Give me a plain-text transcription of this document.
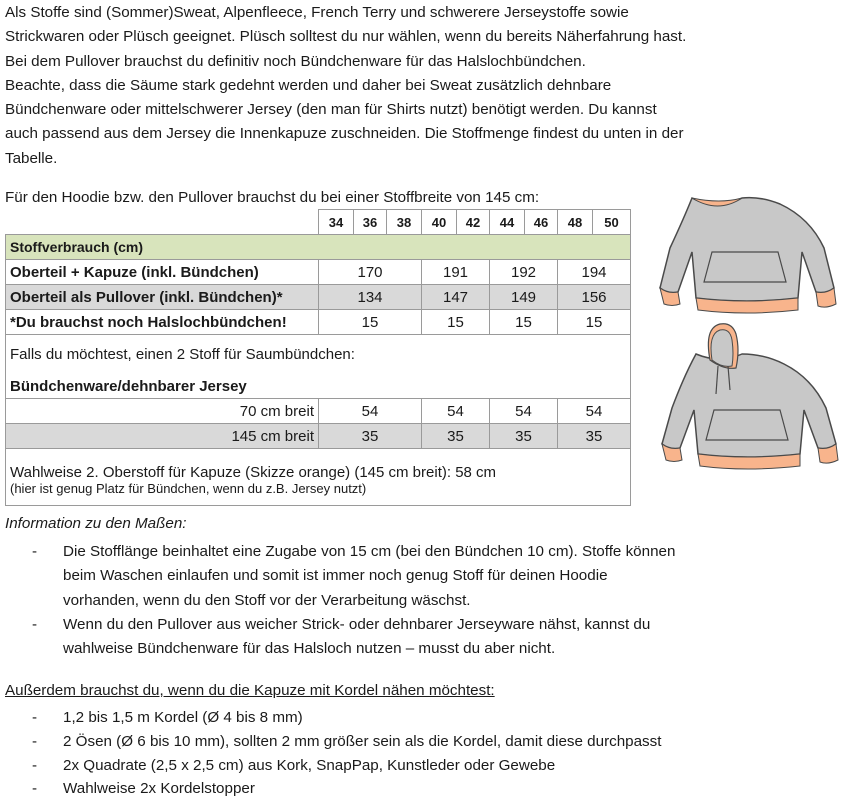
Als Stoffe sind (Sommer)Sweat, Alpenfleece, French Terry und schwerere Jerseystoffe sowie
Strickwaren oder Plüsch geeignet. Plüsch solltest du nur wählen, wenn du bereits Näherfahrung hast.
Bei dem Pullover brauchst du definitiv noch Bündchenware für das Halslochbündchen.
Beachte, dass die Säume stark gedehnt werden und daher bei Sweat zusätzlich dehnbare
Bündchenware oder mittelschwerer Jersey (den man für Shirts nutzt) benötigt werden. Du kannst
auch passend aus dem Jersey die Innenkapuze zuschneiden. Die Stoffmenge findest du unten in der
Tabelle.
Für den Hoodie bzw. den Pullover brauchst du bei einer Stoffbreite von 145 cm:
	34	36	38	40	42	44	46	48	50
Stoffverbrauch (cm)									
Oberteil + Kapuze (inkl. Bündchen)	170			191		192		194	
Oberteil als Pullover (inkl. Bündchen)*	134			147		149		156	
*Du brauchst noch Halslochbündchen!	15			15		15		15	
Falls du möchtest, einen 2 Stoff für Saumbündchen:									
Bündchenware/dehnbarer Jersey									
70 cm breit	54			54		54		54	
145 cm breit	35			35		35		35	
Wahlweise 2. Oberstoff für Kapuze (Skizze orange) (145 cm breit): 58 cm									
(hier ist genug Platz für Bündchen, wenn du z.B. Jersey nutzt)									
Information zu den Maßen:
- Die Stofflänge beinhaltet eine Zugabe von 15 cm (bei den Bündchen 10 cm). Stoffe können
beim Waschen einlaufen und somit ist immer noch genug Stoff für deinen Hoodie
vorhanden, wenn du den Stoff vor der Verarbeitung wäschst.
- Wenn du den Pullover aus weicher Strick- oder dehnbarer Jerseyware nähst, kannst du
wahlweise Bündchenware für das Halsloch nutzen – musst du aber nicht.
Außerdem brauchst du, wenn du die Kapuze mit Kordel nähen möchtest:
- 1,2 bis 1,5 m Kordel (Ø 4 bis 8 mm)
- 2 Ösen (Ø 6 bis 10 mm), sollten 2 mm größer sein als die Kordel, damit diese durchpasst
- 2x Quadrate (2,5 x 2,5 cm) aus Kork, SnapPap, Kunstleder oder Gewebe
- Wahlweise 2x Kordelstopper
